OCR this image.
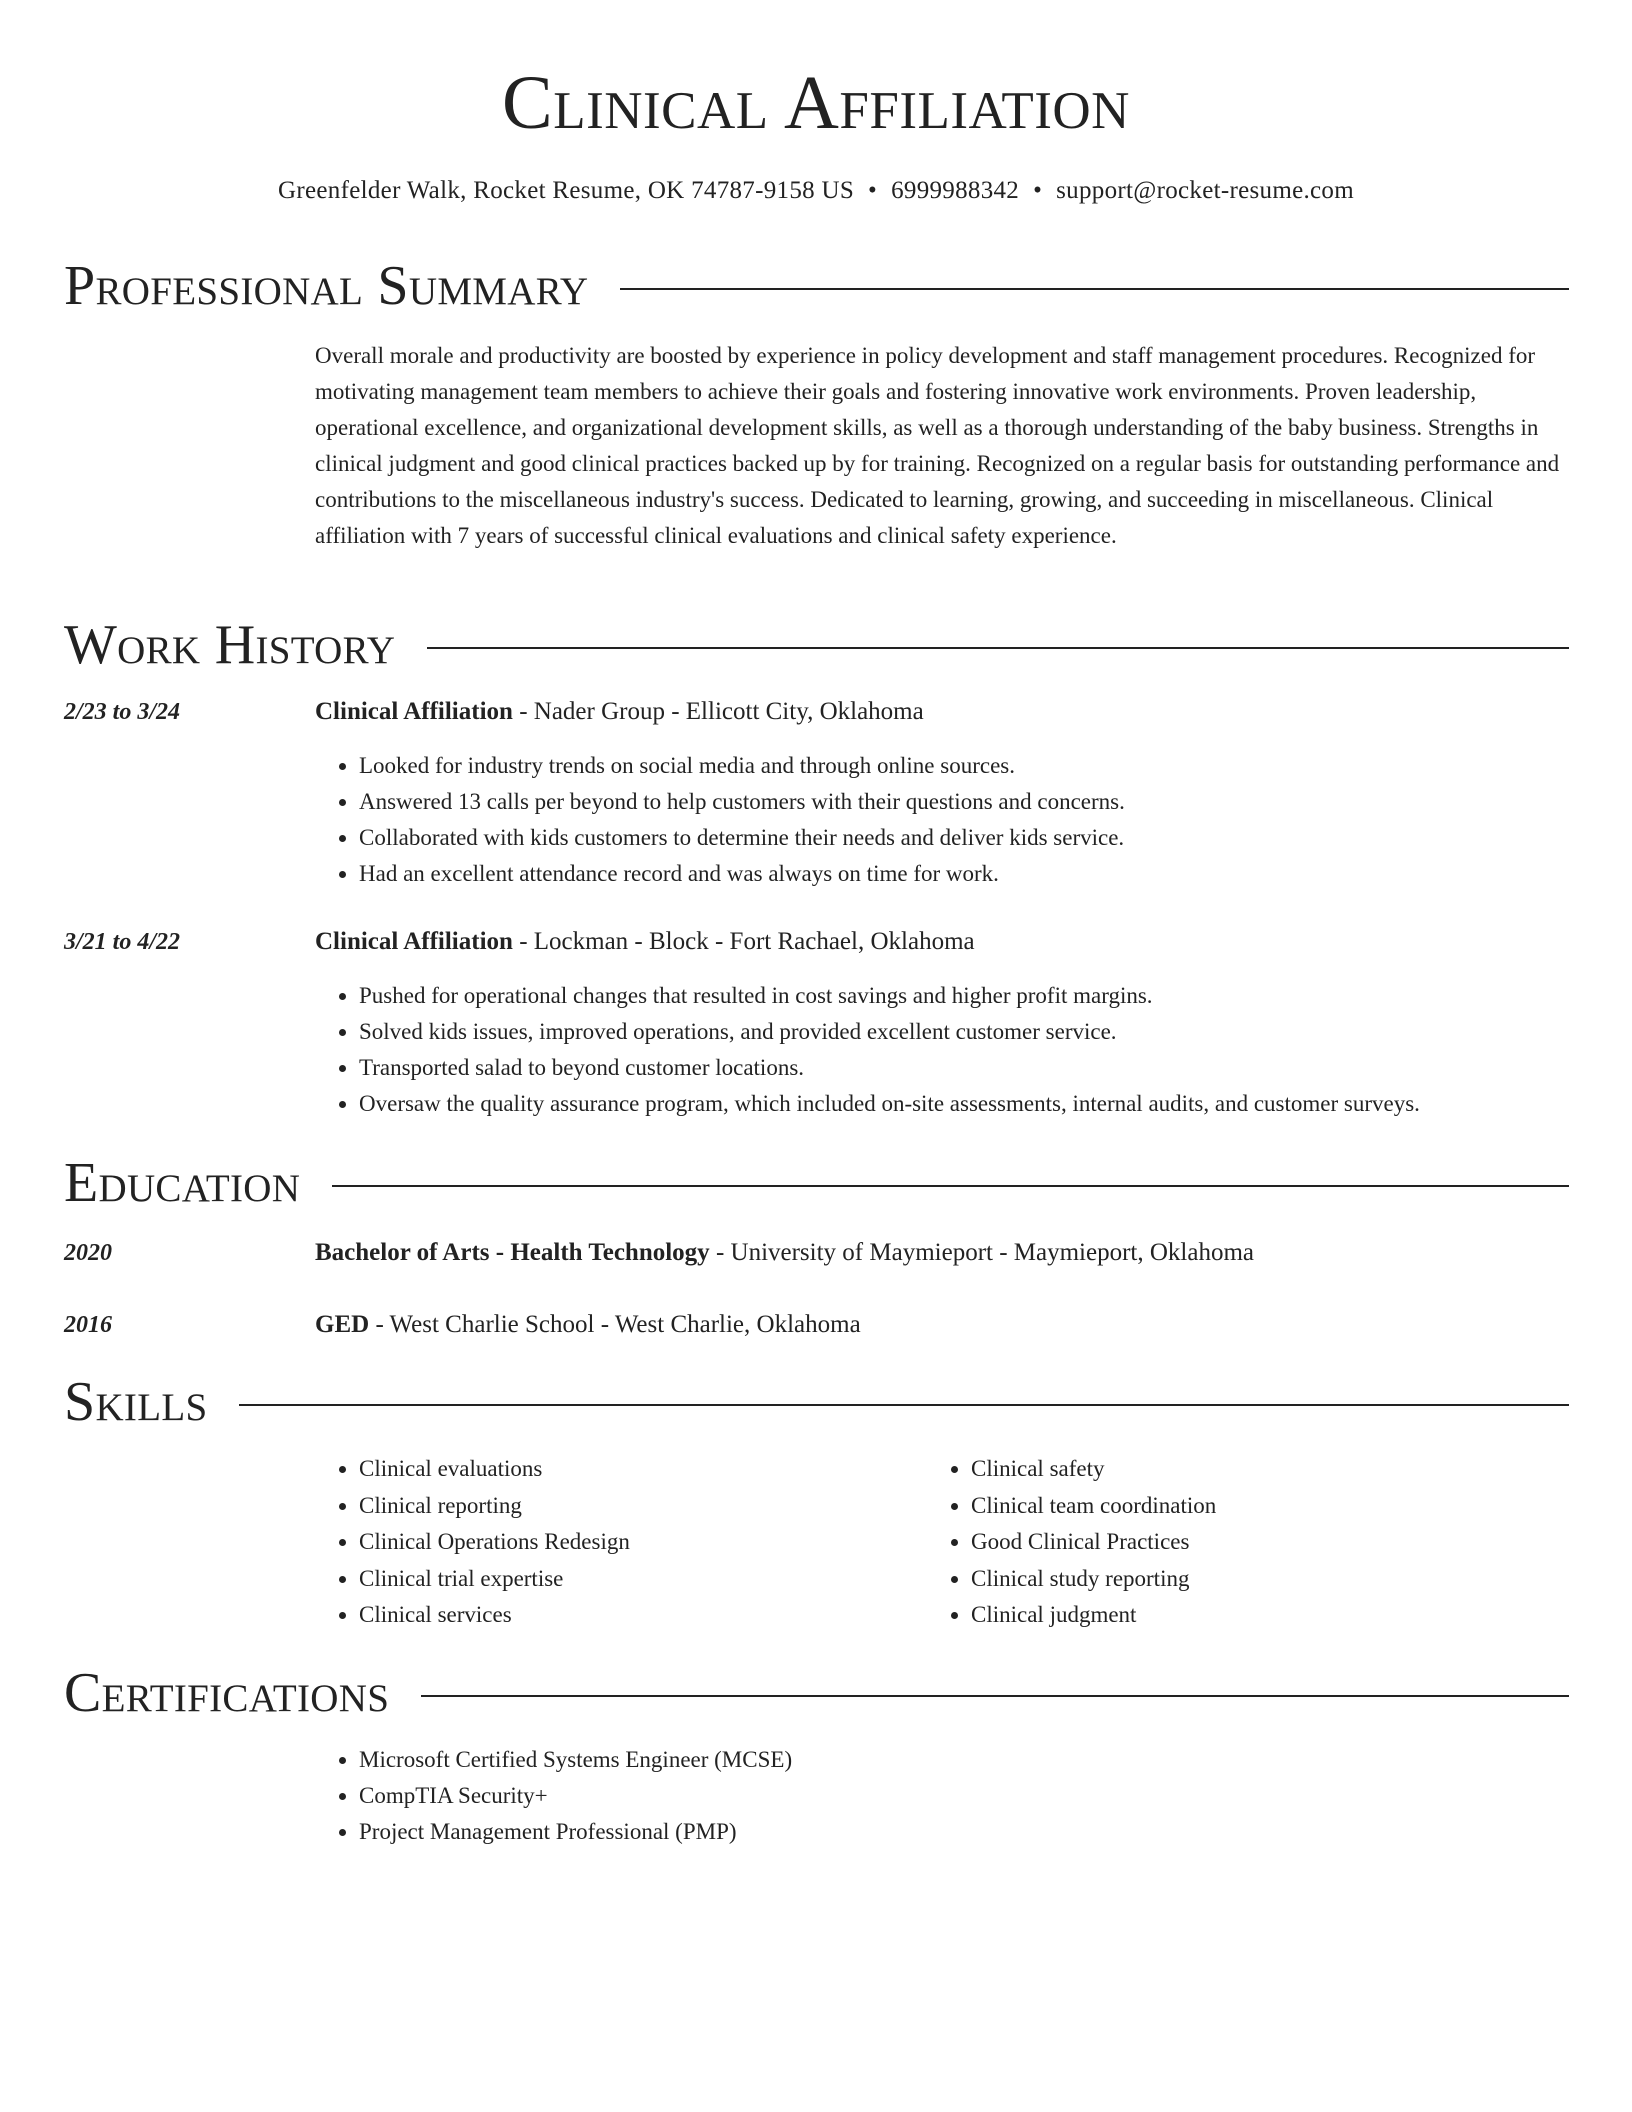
Clinical Affiliation
Greenfelder Walk, Rocket Resume, OK 74787-9158 US • 6999988342 • support@rocket-resume.com
Professional Summary

Overall morale and productivity are boosted by experience in policy development and staff management procedures. Recognized for motivating management team members to achieve their goals and fostering innovative work environments. Proven leadership, operational excellence, and organizational development skills, as well as a thorough understanding of the baby business. Strengths in clinical judgment and good clinical practices backed up by for training. Recognized on a regular basis for outstanding performance and contributions to the miscellaneous industry's success. Dedicated to learning, growing, and succeeding in miscellaneous. Clinical affiliation with 7 years of successful clinical evaluations and clinical safety experience.

Work History
2/23 to 3/24	Clinical Affiliation - Nader Group - Ellicott City, Oklahoma
• Looked for industry trends on social media and through online sources.
• Answered 13 calls per beyond to help customers with their questions and concerns.
• Collaborated with kids customers to determine their needs and deliver kids service.
• Had an excellent attendance record and was always on time for work.
3/21 to 4/22	Clinical Affiliation - Lockman - Block - Fort Rachael, Oklahoma
• Pushed for operational changes that resulted in cost savings and higher profit margins.
• Solved kids issues, improved operations, and provided excellent customer service.
• Transported salad to beyond customer locations.
• Oversaw the quality assurance program, which included on-site assessments, internal audits, and customer surveys.
Education
2020	Bachelor of Arts - Health Technology - University of Maymieport - Maymieport, Oklahoma
2016	GED - West Charlie School - West Charlie, Oklahoma
Skills
• Clinical evaluations
• Clinical reporting
• Clinical Operations Redesign
• Clinical trial expertise
• Clinical services
• Clinical safety
• Clinical team coordination
• Good Clinical Practices
• Clinical study reporting
• Clinical judgment
Certifications
• Microsoft Certified Systems Engineer (MCSE)
• CompTIA Security+
• Project Management Professional (PMP)
